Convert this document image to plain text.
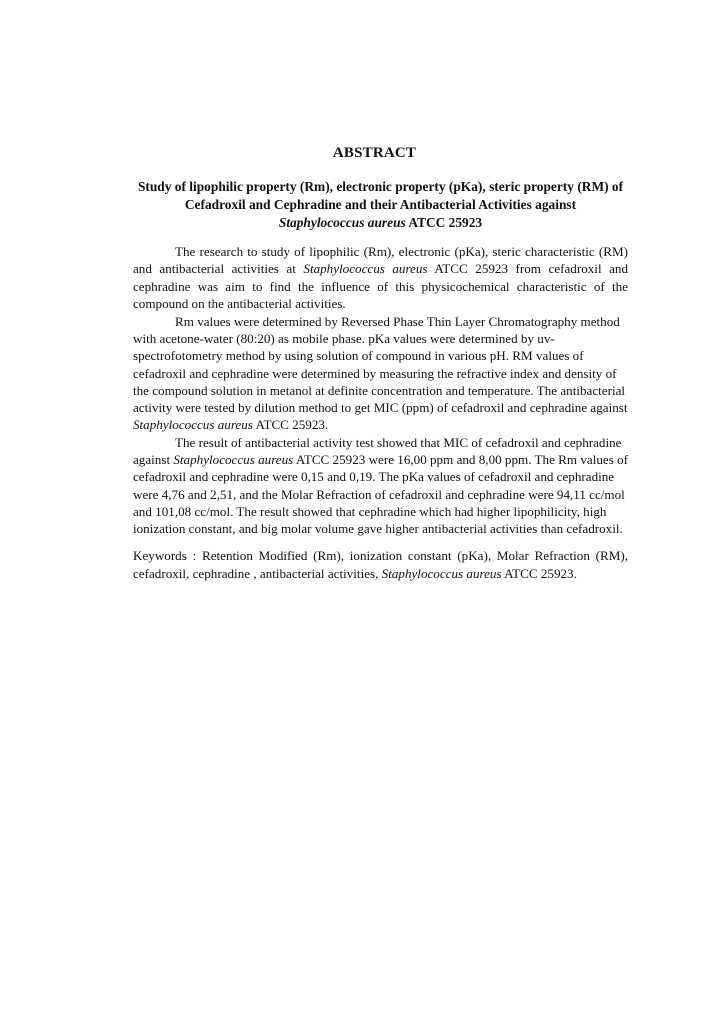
ABSTRACT
Study of lipophilic property (Rm), electronic property (pKa), steric property (RM) of Cefadroxil and Cephradine and their Antibacterial Activities against
Staphylococcus aureus ATCC 25923

The research to study of lipophilic (Rm), electronic (pKa), steric characteristic (RM) and antibacterial activities at Staphylococcus aureus ATCC 25923 from cefadroxil and cephradine was aim to find the influence of this physicochemical characteristic of the compound on the antibacterial activities.

Rm values were determined by Reversed Phase Thin Layer Chromatography method with acetone-water (80:20) as mobile phase. pKa values were determined by uv-spectrofotometry method by using solution of compound in various pH. RM values of cefadroxil and cephradine were determined by measuring the refractive index and density of the compound solution in metanol at definite concentration and temperature. The antibacterial activity were tested by dilution method to get MIC (ppm) of cefadroxil and cephradine against Staphylococcus aureus ATCC 25923.

The result of antibacterial activity test showed that MIC of cefadroxil and cephradine against Staphylococcus aureus ATCC 25923 were 16,00 ppm and 8,00 ppm. The Rm values of cefadroxil and cephradine were 0,15 and 0,19. The pKa values of cefadroxil and cephradine were 4,76 and 2,51, and the Molar Refraction of cefadroxil and cephradine were 94,11 cc/mol and 101,08 cc/mol. The result showed that cephradine which had higher lipophilicity, high ionization constant, and big molar volume gave higher antibacterial activities than cefadroxil.

Keywords : Retention Modified (Rm), ionization constant (pKa), Molar Refraction (RM), cefadroxil, cephradine , antibacterial activities, Staphylococcus aureus ATCC 25923.
